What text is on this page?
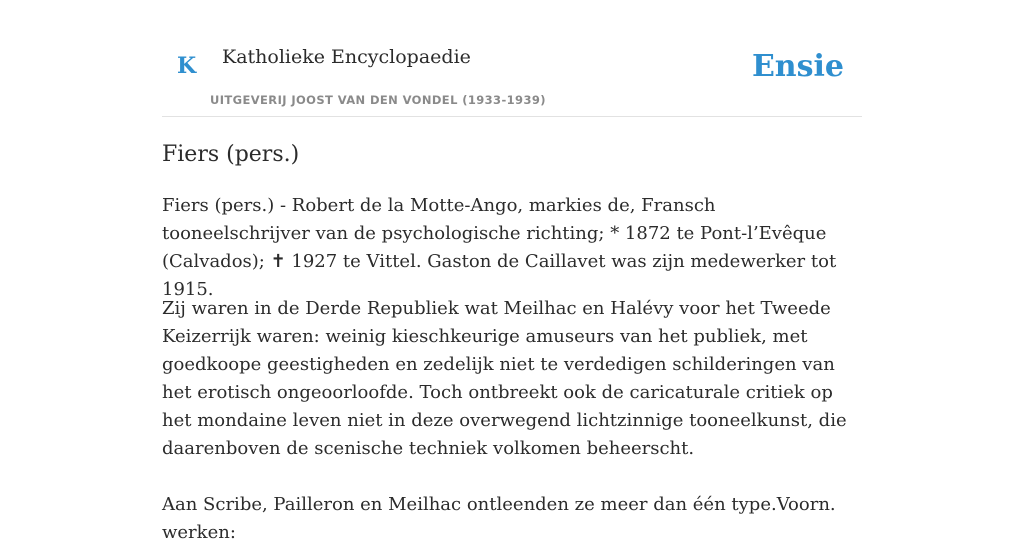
K Katholieke Encyclopaedie
UITGEVERIJ JOOST VAN DEN VONDEL (1933-1939)
Ensie
Fiers (pers.)

Fiers (pers.) - Robert de la Motte-Ango, markies de, Fransch tooneelschrijver van de psychologische richting; * 1872 te Pont-l’Evêque (Calvados); ✝ 1927 te Vittel. Gaston de Caillavet was zijn medewerker tot 1915.

Zij waren in de Derde Republiek wat Meilhac en Halévy voor het Tweede Keizerrijk waren: weinig kieschkeurige amuseurs van het publiek, met goedkoope geestigheden en zedelijk niet te verdedigen schilderingen van het erotisch ongeoorloofde. Toch ontbreekt ook de caricaturale critiek op het mondaine leven niet in deze overwegend lichtzinnige tooneelkunst, die daarenboven de scenische techniek volkomen beheerscht.

Aan Scribe, Pailleron en Meilhac ontleenden ze meer dan één type.Voorn. werken:
